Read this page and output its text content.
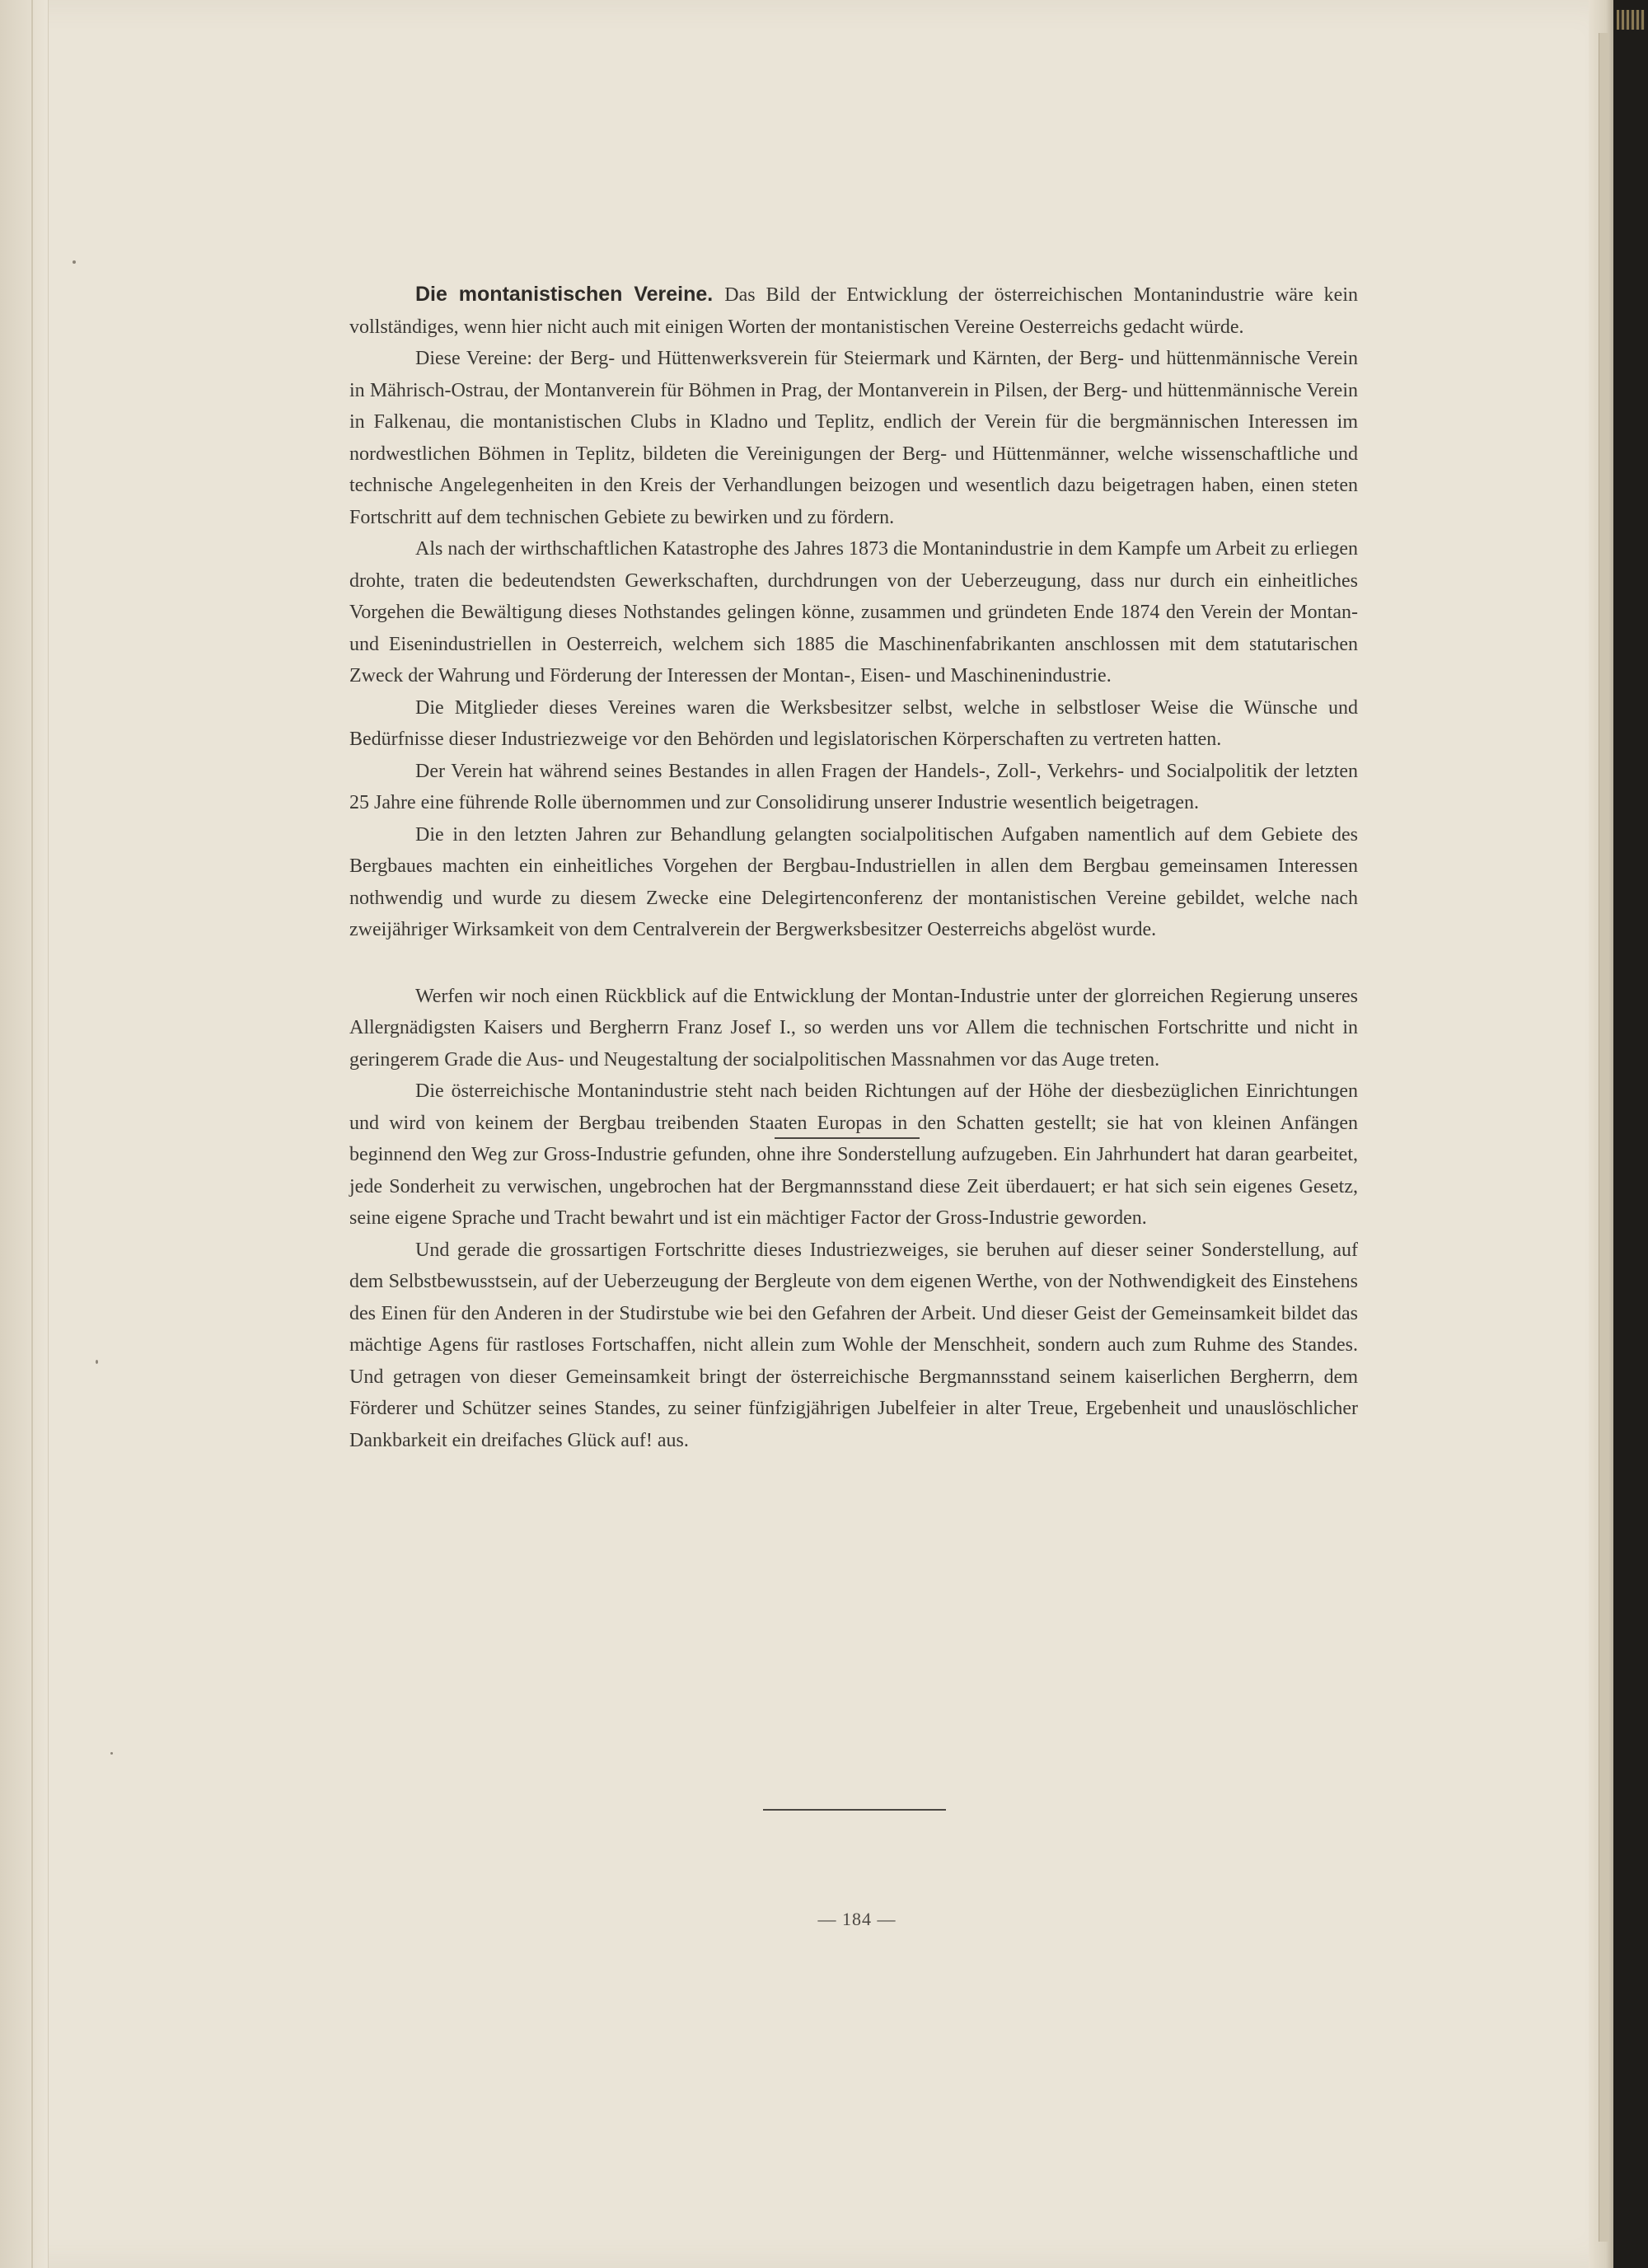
Die montanistischen Vereine. Das Bild der Entwicklung der österreichischen Montanindustrie wäre kein vollständiges, wenn hier nicht auch mit einigen Worten der montanistischen Vereine Oesterreichs gedacht würde.

Diese Vereine: der Berg- und Hüttenwerksverein für Steiermark und Kärnten, der Berg- und hüttenmännische Verein in Mährisch-Ostrau, der Montanverein für Böhmen in Prag, der Montanverein in Pilsen, der Berg- und hüttenmännische Verein in Falkenau, die montanistischen Clubs in Kladno und Teplitz, endlich der Verein für die bergmännischen Interessen im nordwestlichen Böhmen in Teplitz, bildeten die Vereinigungen der Berg- und Hüttenmänner, welche wissenschaftliche und technische Angelegenheiten in den Kreis der Verhandlungen beizogen und wesentlich dazu beigetragen haben, einen steten Fortschritt auf dem technischen Gebiete zu bewirken und zu fördern.

Als nach der wirthschaftlichen Katastrophe des Jahres 1873 die Montanindustrie in dem Kampfe um Arbeit zu erliegen drohte, traten die bedeutendsten Gewerkschaften, durchdrungen von der Ueberzeugung, dass nur durch ein einheitliches Vorgehen die Bewältigung dieses Nothstandes gelingen könne, zusammen und gründeten Ende 1874 den Verein der Montan- und Eisenindustriellen in Oesterreich, welchem sich 1885 die Maschinenfabrikanten anschlossen mit dem statutarischen Zweck der Wahrung und Förderung der Interessen der Montan-, Eisen- und Maschinenindustrie.

Die Mitglieder dieses Vereines waren die Werksbesitzer selbst, welche in selbstloser Weise die Wünsche und Bedürfnisse dieser Industriezweige vor den Behörden und legislatorischen Körperschaften zu vertreten hatten.

Der Verein hat während seines Bestandes in allen Fragen der Handels-, Zoll-, Verkehrs- und Socialpolitik der letzten 25 Jahre eine führende Rolle übernommen und zur Consolidirung unserer Industrie wesentlich beigetragen.

Die in den letzten Jahren zur Behandlung gelangten socialpolitischen Aufgaben namentlich auf dem Gebiete des Bergbaues machten ein einheitliches Vorgehen der Bergbau-Industriellen in allen dem Bergbau gemeinsamen Interessen nothwendig und wurde zu diesem Zwecke eine Delegirtenconferenz der montanistischen Vereine gebildet, welche nach zweijähriger Wirksamkeit von dem Centralverein der Bergwerksbesitzer Oesterreichs abgelöst wurde.

Werfen wir noch einen Rückblick auf die Entwicklung der Montan-Industrie unter der glorreichen Regierung unseres Allergnädigsten Kaisers und Bergherrn Franz Josef I., so werden uns vor Allem die technischen Fortschritte und nicht in geringerem Grade die Aus- und Neugestaltung der socialpolitischen Massnahmen vor das Auge treten.

Die österreichische Montanindustrie steht nach beiden Richtungen auf der Höhe der diesbezüglichen Einrichtungen und wird von keinem der Bergbau treibenden Staaten Europas in den Schatten gestellt; sie hat von kleinen Anfängen beginnend den Weg zur Gross-Industrie gefunden, ohne ihre Sonderstellung aufzugeben. Ein Jahrhundert hat daran gearbeitet, jede Sonderheit zu verwischen, ungebrochen hat der Bergmannsstand diese Zeit überdauert; er hat sich sein eigenes Gesetz, seine eigene Sprache und Tracht bewahrt und ist ein mächtiger Factor der Gross-Industrie geworden.

Und gerade die grossartigen Fortschritte dieses Industriezweiges, sie beruhen auf dieser seiner Sonderstellung, auf dem Selbstbewusstsein, auf der Ueberzeugung der Bergleute von dem eigenen Werthe, von der Nothwendigkeit des Einstehens des Einen für den Anderen in der Studirstube wie bei den Gefahren der Arbeit. Und dieser Geist der Gemeinsamkeit bildet das mächtige Agens für rastloses Fortschaffen, nicht allein zum Wohle der Menschheit, sondern auch zum Ruhme des Standes. Und getragen von dieser Gemeinsamkeit bringt der österreichische Bergmannsstand seinem kaiserlichen Bergherrn, dem Förderer und Schützer seines Standes, zu seiner fünfzigjährigen Jubelfeier in alter Treue, Ergebenheit und unauslöschlicher Dankbarkeit ein dreifaches Glück auf! aus.

— 184 —
